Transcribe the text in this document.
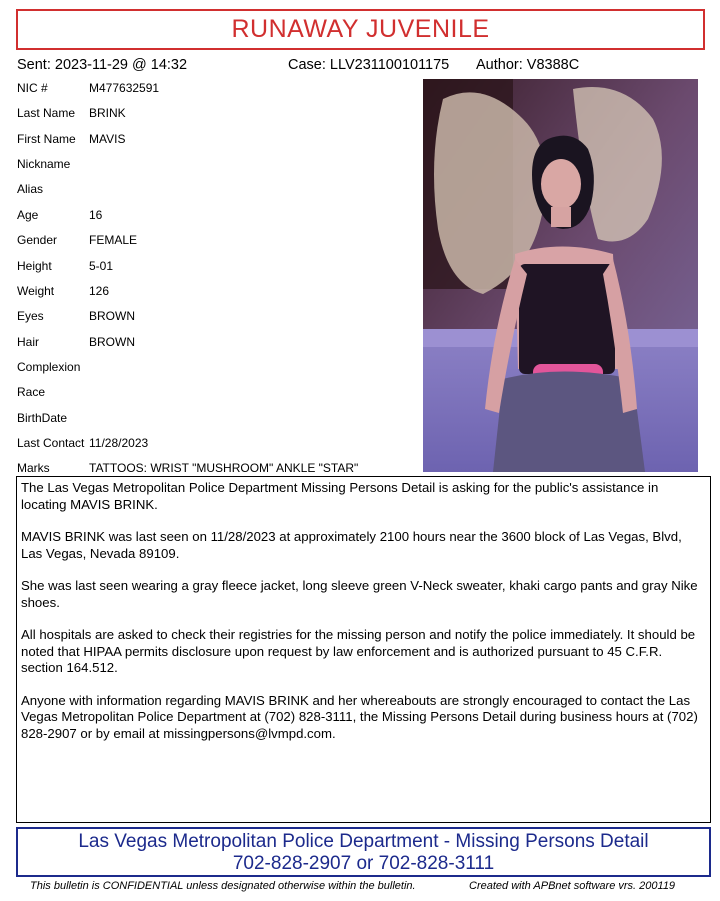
RUNAWAY JUVENILE
Sent: 2023-11-29 @ 14:32	Case: LLV231100101175 Author: V8388C
NIC #	M477632591
Last Name BRINK
First Name MAVIS
Nickname
Alias
Age	16
Gender	FEMALE
Height	5-01
Weight	126
Eyes	BROWN
Hair	BROWN
Complexion
Race
BirthDate
Last Contact 11/28/2023
Marks	TATTOOS: WRIST "MUSHROOM" ANKLE "STAR"

The Las Vegas Metropolitan Police Department Missing Persons Detail is asking for the public's assistance in locating MAVIS BRINK.

MAVIS BRINK was last seen on 11/28/2023 at approximately 2100 hours near the 3600 block of Las Vegas, Blvd, Las Vegas, Nevada 89109.

She was last seen wearing a gray fleece jacket, long sleeve green V-Neck sweater, khaki cargo pants and gray Nike shoes.

All hospitals are asked to check their registries for the missing person and notify the police immediately. It should be noted that HIPAA permits disclosure upon request by law enforcement and is authorized pursuant to 45 C.F.R. section 164.512.

Anyone with information regarding MAVIS BRINK and her whereabouts are strongly encouraged to contact the Las Vegas Metropolitan Police Department at (702) 828-3111, the Missing Persons Detail during business hours at (702) 828-2907 or by email at missingpersons@lvmpd.com.

Las Vegas Metropolitan Police Department - Missing Persons Detail
702-828-2907 or 702-828-3111
This bulletin is CONFIDENTIAL unless designated otherwise within the bulletin.	Created with APBnet software vrs. 200119
